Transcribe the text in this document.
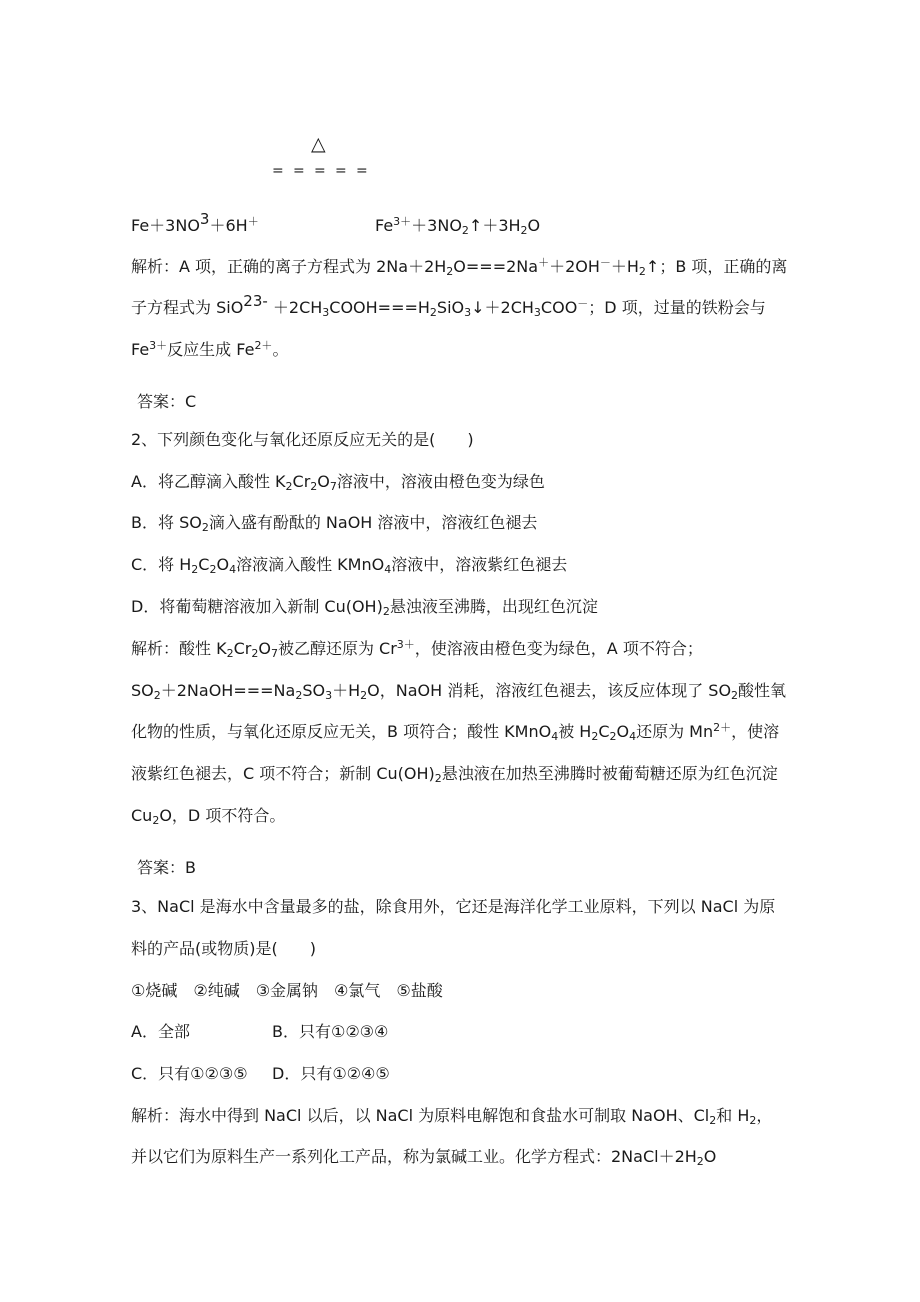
△
= = = = =
Fe＋3NO3＋6H＋	$Fe^{3+}+3NO_2↑+3H_2O$
解析：A 项，正确的离子方程式为 $2Na+2H_2O===2Na^++2OH^-+H_2↑$；B 项，正确的离
子方程式为 $SiO^{23-} +2CH_3COOH===H_2SiO_3↓+2CH_3COO^-$；D 项，过量的铁粉会与
$Fe^{3+}$反应生成 $Fe^{2+}$。
答案：C
2、下列颜色变化与氧化还原反应无关的是(　　)
A．将乙醇滴入酸性 $K_2Cr_2O_7$溶液中，溶液由橙色变为绿色
B．将 $SO_2$滴入盛有酚酞的 NaOH 溶液中，溶液红色褪去
C．将 $H_2C_2O_4$溶液滴入酸性 KMnO$_4$溶液中，溶液紫红色褪去
D．将葡萄糖溶液加入新制 $Cu(OH)_2$悬浊液至沸腾，出现红色沉淀
解析：酸性 $K_2Cr_2O_7$被乙醇还原为 $Cr^{3+}$，使溶液由橙色变为绿色，A 项不符合；
$SO_2+2NaOH===Na_2SO_3+H_2O$，NaOH 消耗，溶液红色褪去，该反应体现了 $SO_2$酸性氧
化物的性质，与氧化还原反应无关，B 项符合；酸性 KMnO$_4$被 $H_2C_2O_4$还原为 $Mn^{2+}$，使溶
液紫红色褪去，C 项不符合；新制 $Cu(OH)_2$悬浊液在加热至沸腾时被葡萄糖还原为红色沉淀
$Cu_2O$，D 项不符合。
答案：B
3、NaCl 是海水中含量最多的盐，除食用外，它还是海洋化学工业原料，下列以 NaCl 为原
料的产品(或物质)是(　　)
①烧碱　②纯碱　③金属钠　④氯气　⑤盐酸
A．全部	B．只有①②③④
C．只有①②③⑤ D．只有①②④⑤
解析：海水中得到 NaCl 以后，以 NaCl 为原料电解饱和食盐水可制取 NaOH、$Cl_2$和 $H_2$，
并以它们为原料生产一系列化工产品，称为氯碱工业。化学方程式：$2NaCl+2H_2O$
